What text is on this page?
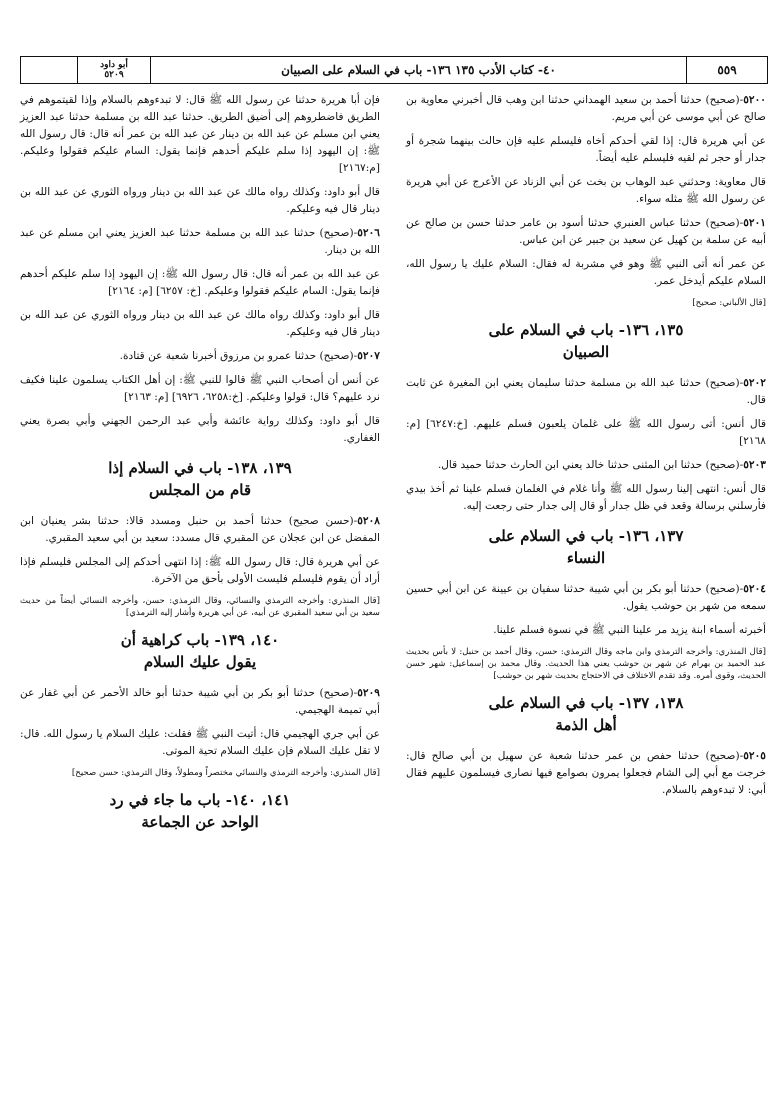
٥٥٩
٤٠- كتاب الأدب ١٣٥ ١٣٦- باب في السلام على الصبيان
أبو داود
٥٢٠٩

٥٢٠٠-(صحيح) حدثنا أحمد بن سعيد الهمداني حدثنا ابن وهب قال أخبرني معاوية بن صالح عن أبي موسى عن أبي مريم.

عن أبي هريرة قال: إذا لقي أحدكم أخاه فليسلم عليه فإن حالت بينهما شجرة أو جدار أو حجر ثم لقيه فليسلم عليه أيضاً.

قال معاوية: وحدثني عبد الوهاب بن بخت عن أبي الزناد عن الأعرج عن أبي هريرة عن رسول الله ﷺ مثله سواء.

٥٢٠١-(صحيح) حدثنا عباس العنبري حدثنا أسود بن عامر حدثنا حسن بن صالح عن أبيه عن سلمة بن كهيل عن سعيد بن جبير عن ابن عباس.

عن عمر أنه أتى النبي ﷺ وهو في مشربة له فقال: السلام عليك يا رسول الله، السلام عليكم أيدخل عمر.

[قال الألباني: صحيح]

١٣٥، ١٣٦- باب في السلام على
الصبيان

٥٢٠٢-(صحيح) حدثنا عبد الله بن مسلمة حدثنا سليمان يعني ابن المغيرة عن ثابت قال.

قال أنس: أتى رسول الله ﷺ على غلمان يلعبون فسلم عليهم. [خ:٦٢٤٧] [م: ٢١٦٨]

٥٢٠٣-(صحيح) حدثنا ابن المثنى حدثنا خالد يعني ابن الحارث حدثنا حميد قال.

قال أنس: انتهى إلينا رسول الله ﷺ وأنا غلام في الغلمان فسلم علينا ثم أخذ بيدي فأرسلني برسالة وقعد في ظل جدار أو قال إلى جدار حتى رجعت إليه.

١٣٧، ١٣٦- باب في السلام على
النساء

٥٢٠٤-(صحيح) حدثنا أبو بكر بن أبي شيبة حدثنا سفيان بن عيينة عن ابن أبي حسين سمعه من شهر بن حوشب يقول.

أخبرته أسماء ابنة يزيد مر علينا النبي ﷺ في نسوة فسلم علينا.

[قال المنذري: وأخرجه الترمذي وابن ماجه وقال الترمذي: حسن، وقال أحمد بن حنبل: لا بأس بحديث عبد الحميد بن بهرام عن شهر بن حوشب يعني هذا الحديث. وقال محمد بن إسماعيل: شهر حسن الحديث، وقوى أمره. وقد تقدم الاختلاف في الاحتجاج بحديث شهر بن حوشب]

١٣٨، ١٣٧- باب في السلام على
أهل الذمة

٥٢٠٥-(صحيح) حدثنا حفص بن عمر حدثنا شعبة عن سهيل بن أبي صالح قال: خرجت مع أبي إلى الشام فجعلوا يمرون بصوامع فيها نصارى فيسلمون عليهم فقال أبي: لا تبدءوهم بالسلام.

فإن أبا هريرة حدثنا عن رسول الله ﷺ قال: لا تبدءوهم بالسلام وإذا لقيتموهم في الطريق فاضطروهم إلى أضيق الطريق. حدثنا عبد الله بن مسلمة حدثنا عبد العزيز يعني ابن مسلم عن عبد الله بن دينار عن عبد الله بن عمر أنه قال: قال رسول الله ﷺ: إن اليهود إذا سلم عليكم أحدهم فإنما يقول: السام عليكم فقولوا وعليكم. [م:٢١٦٧]

قال أبو داود: وكذلك رواه مالك عن عبد الله بن دينار ورواه الثوري عن عبد الله بن دينار قال فيه وعليكم.

٥٢٠٦-(صحيح) حدثنا عبد الله بن مسلمة حدثنا عبد العزيز يعني ابن مسلم عن عبد الله بن دينار.

عن عبد الله بن عمر أنه قال: قال رسول الله ﷺ: إن اليهود إذا سلم عليكم أحدهم فإنما يقول: السام عليكم فقولوا وعليكم. [خ: ٦٢٥٧] [م: ٢١٦٤]

قال أبو داود: وكذلك رواه مالك عن عبد الله بن دينار ورواه الثوري عن عبد الله بن دينار قال فيه وعليكم.

٥٢٠٧-(صحيح) حدثنا عمرو بن مرزوق أخبرنا شعبة عن قتادة.

عن أنس أن أصحاب النبي ﷺ قالوا للنبي ﷺ: إن أهل الكتاب يسلمون علينا فكيف نرد عليهم؟ قال: قولوا وعليكم. [خ:٦٢٥٨، ٦٩٢٦] [م: ٢١٦٣]

قال أبو داود: وكذلك رواية عائشة وأبي عبد الرحمن الجهني وأبي بصرة يعني الغفاري.

١٣٩، ١٣٨- باب في السلام إذا
قام من المجلس

٥٢٠٨-(حسن صحيح) حدثنا أحمد بن حنبل ومسدد قالا: حدثنا بشر يعنيان ابن المفضل عن ابن عجلان عن المقبري قال مسدد: سعيد بن أبي سعيد المقبري.

عن أبي هريرة قال: قال رسول الله ﷺ: إذا انتهى أحدكم إلى المجلس فليسلم فإذا أراد أن يقوم فليسلم فليست الأولى بأحق من الآخرة.

[قال المنذري: وأخرجه الترمذي والنسائي، وقال الترمذي: حسن، وأخرجه النسائي أيضاً من حديث سعيد بن أبي سعيد المقبري عن أبيه، عن أبي هريرة وأشار إليه الترمذي]

١٤٠، ١٣٩- باب كراهية أن
يقول عليك السلام

٥٢٠٩-(صحيح) حدثنا أبو بكر بن أبي شيبة حدثنا أبو خالد الأحمر عن أبي غفار عن أبي تميمة الهجيمي.

عن أبي جري الهجيمي قال: أتيت النبي ﷺ فقلت: عليك السلام يا رسول الله. قال: لا تقل عليك السلام فإن عليك السلام تحية الموتى.

[قال المنذري: وأخرجه الترمذي والنسائي مختصراً ومطولاً، وقال الترمذي: حسن صحيح]

١٤١، ١٤٠- باب ما جاء في رد
الواحد عن الجماعة
